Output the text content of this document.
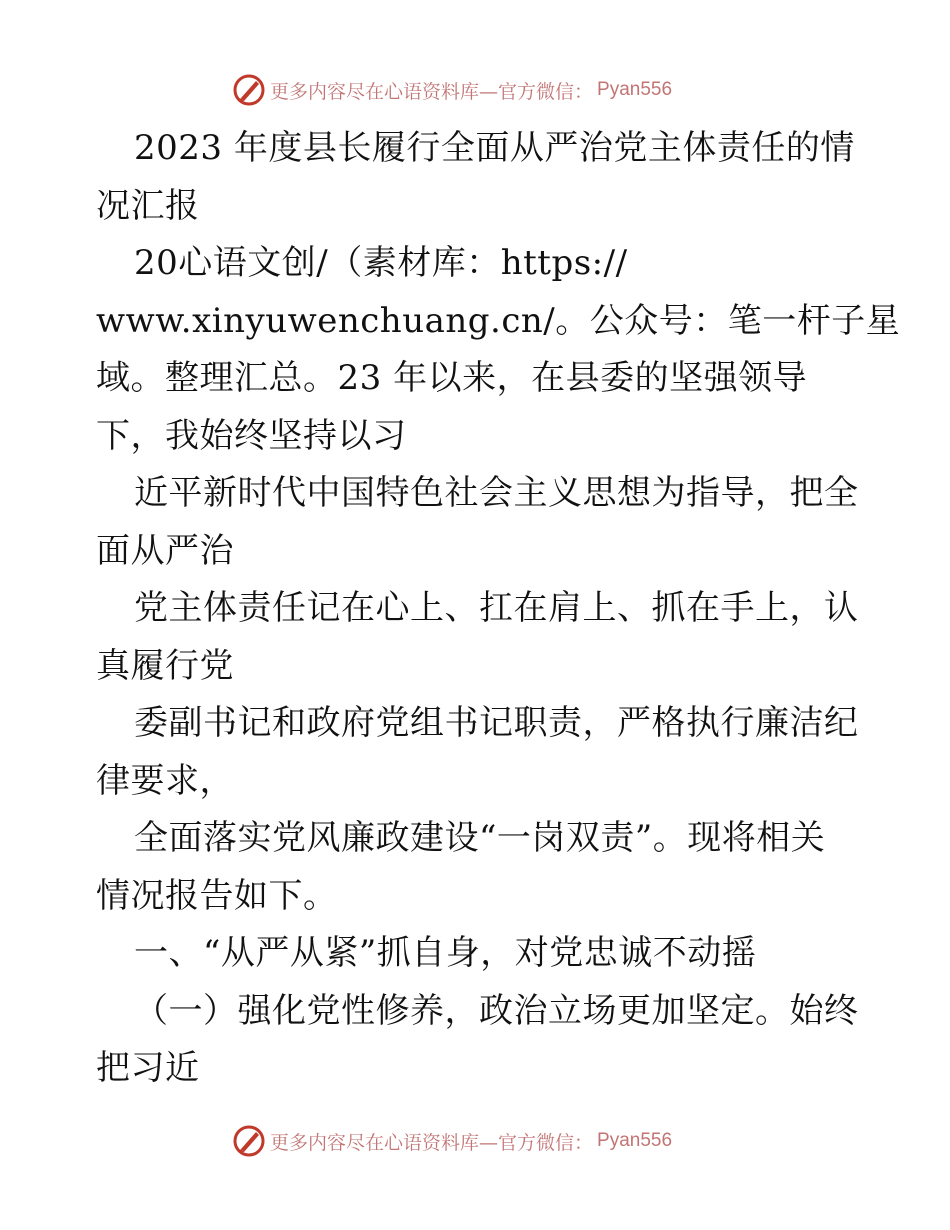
更多内容尽在心语资料库—官方微信： Pyan556
2023 年度县长履行全面从严治党主体责任的情
况汇报
20心语文创/（素材库：https://
www.xinyuwenchuang.cn/。公众号：笔一杆子星
域。整理汇总。23 年以来，在县委的坚强领导
下，我始终坚持以习
近平新时代中国特色社会主义思想为指导，把全
面从严治
党主体责任记在心上、扛在肩上、抓在手上，认
真履行党
委副书记和政府党组书记职责，严格执行廉洁纪
律要求，
全面落实党风廉政建设“一岗双责”。现将相关
情况报告如下。
一、“从严从紧”抓自身，对党忠诚不动摇
（一）强化党性修养，政治立场更加坚定。始终
把习近
更多内容尽在心语资料库—官方微信： Pyan556
